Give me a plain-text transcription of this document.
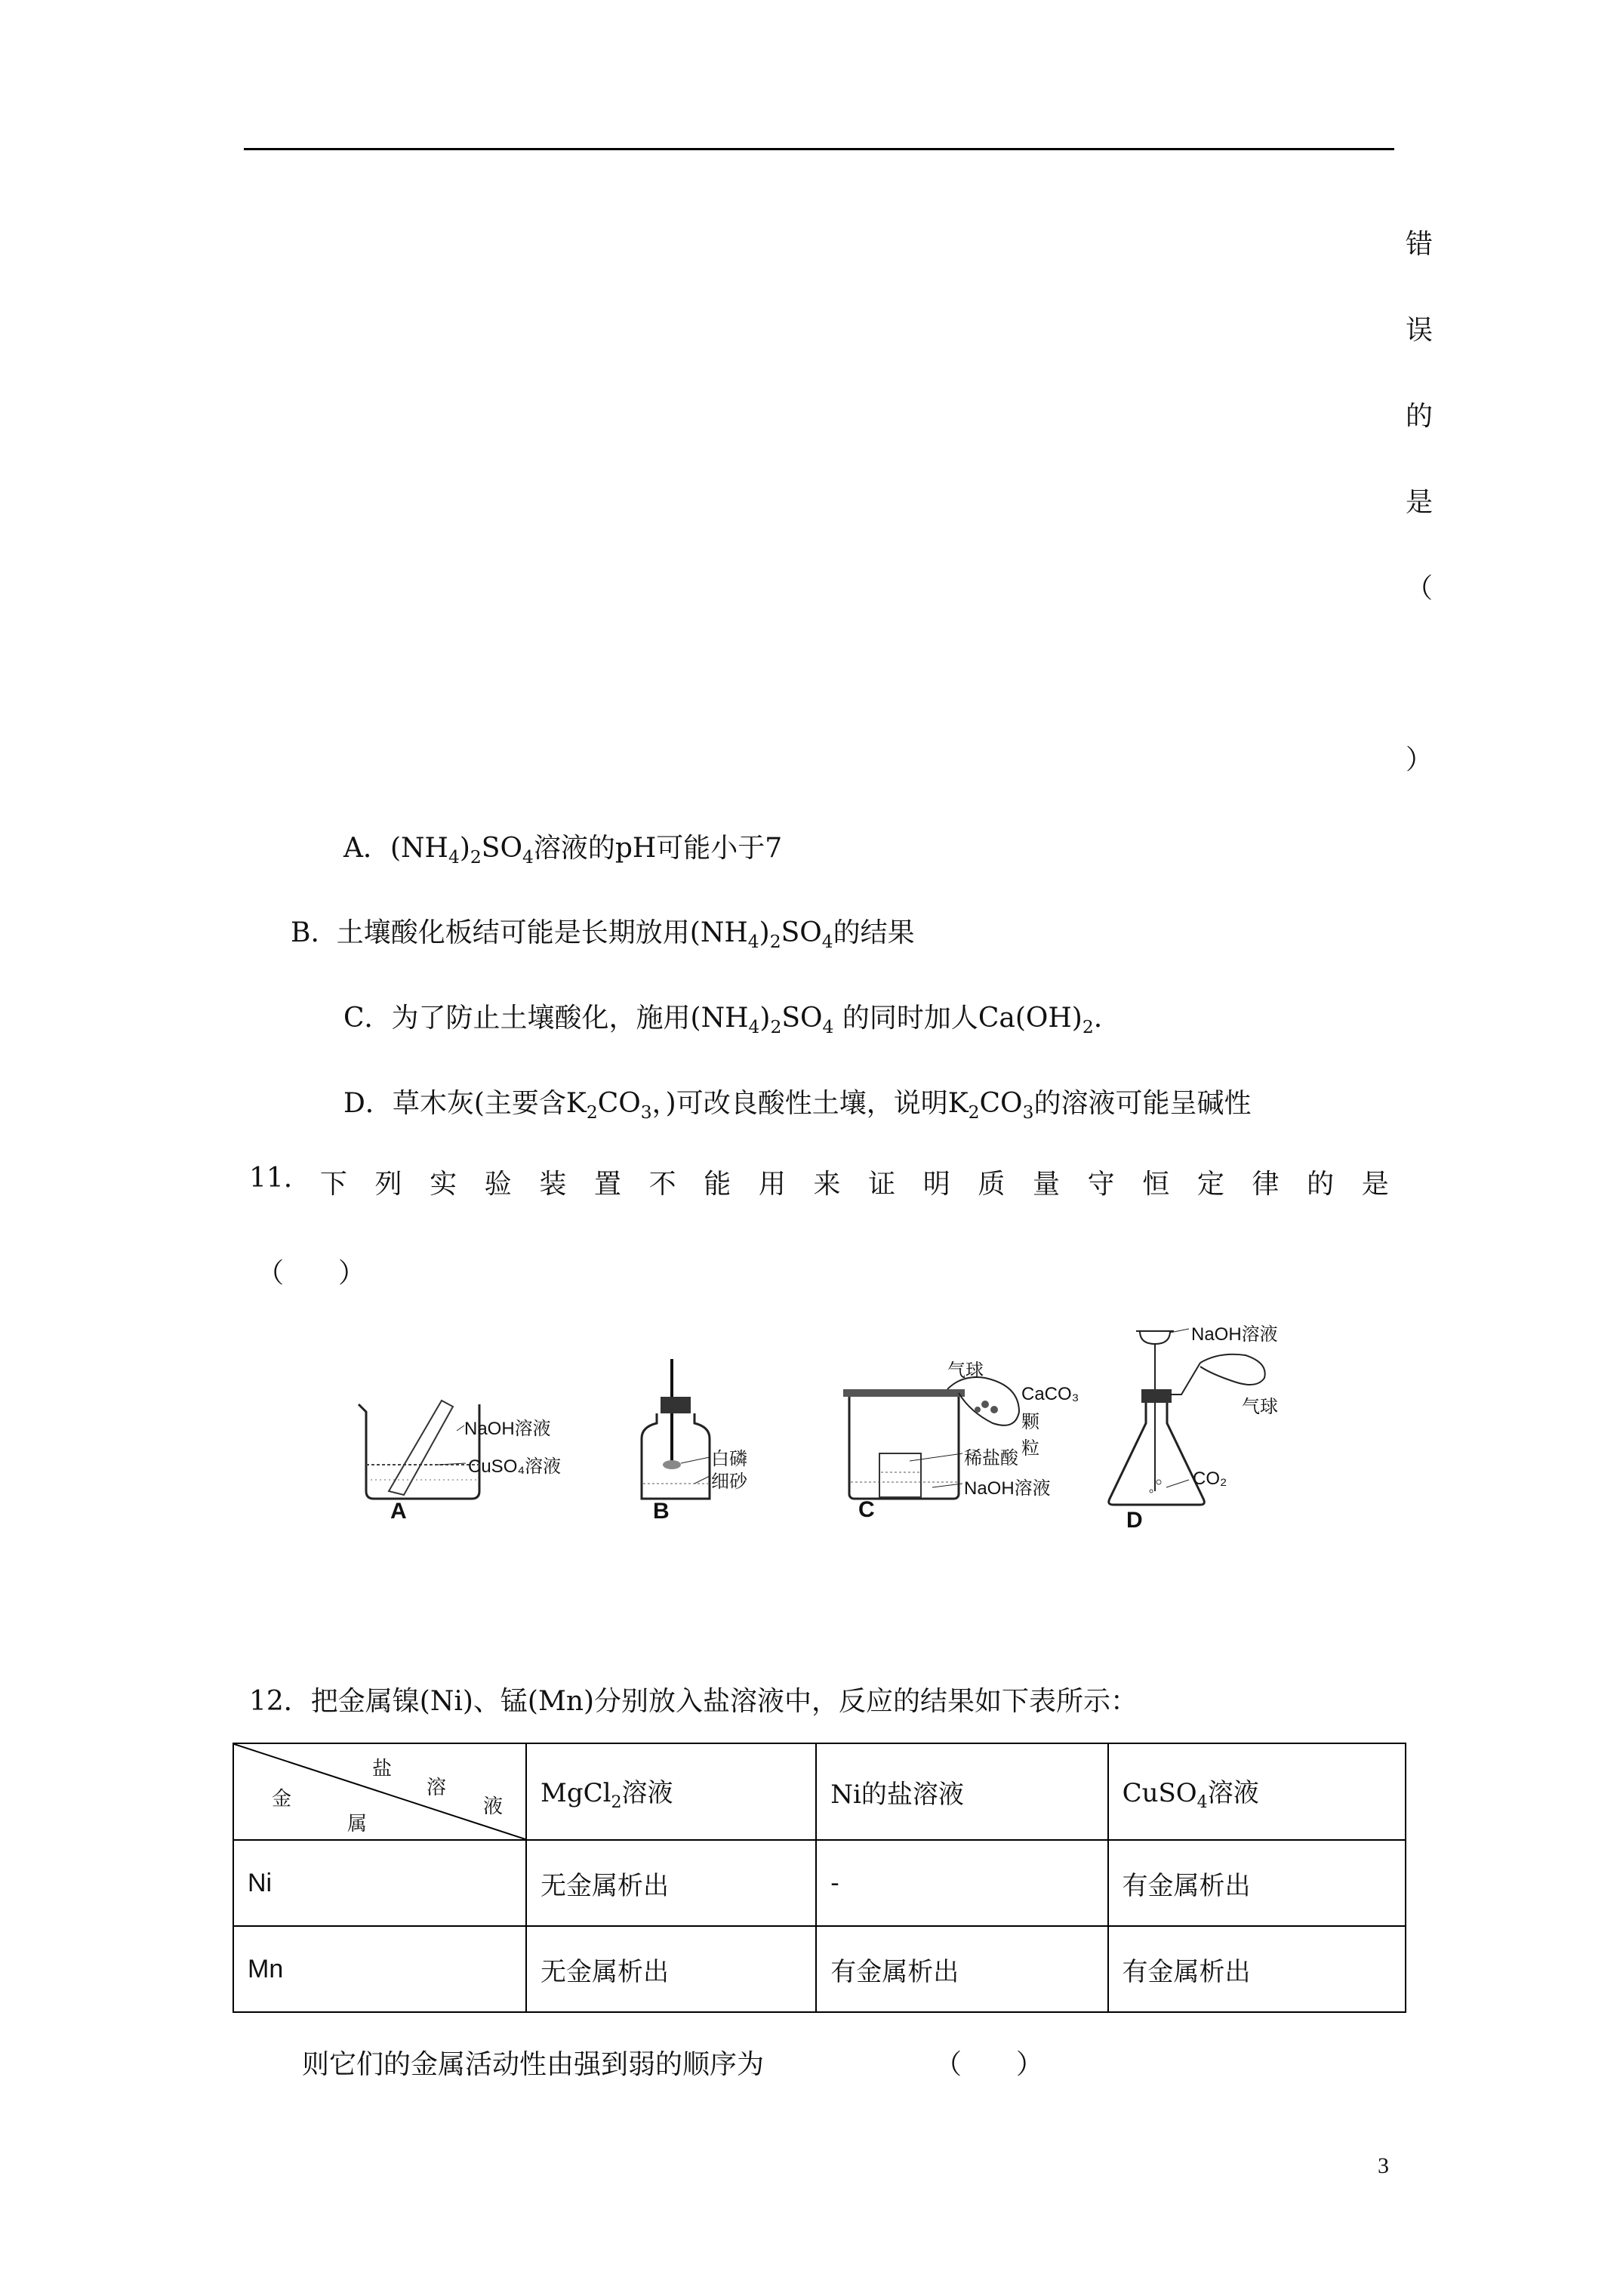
错
误
的
是
（
）
A．$(NH_4)_2SO_4$溶液的pH可能小于7
B. 土壤酸化板结可能是长期放用$(NH_4)_2SO_4$的结果
C．为了防止土壤酸化，施用$(NH_4)_2SO_4$ 的同时加人$Ca(OH)_2$.
D．草木灰(主要含$K_2CO_3$，)可改良酸性土壤，说明$K_2CO_3$的溶液可能呈碱性
11. 下 列 实 验 装 置 不 能 用 来 证 明 质 量 守 恒 定 律 的 是
（　　）
NaOH溶液
CuSO₄溶液
A
白磷
细砂
B
气球
CaCO₃
颗　粒
稀盐酸
NaOH溶液
C
NaOH溶液
气球
CO₂
D
12．把金属镍(Ni)、锰(Mn)分别放入盐溶液中，反应的结果如下表所示：
盐
溶
液
金
属	MgCl$_2$溶液	Ni的盐溶液	CuSO$_4$溶液
Ni	无金属析出	-	有金属析出
Mn	无金属析出	有金属析出	有金属析出
则它们的金属活动性由强到弱的顺序为	（　　）
3
